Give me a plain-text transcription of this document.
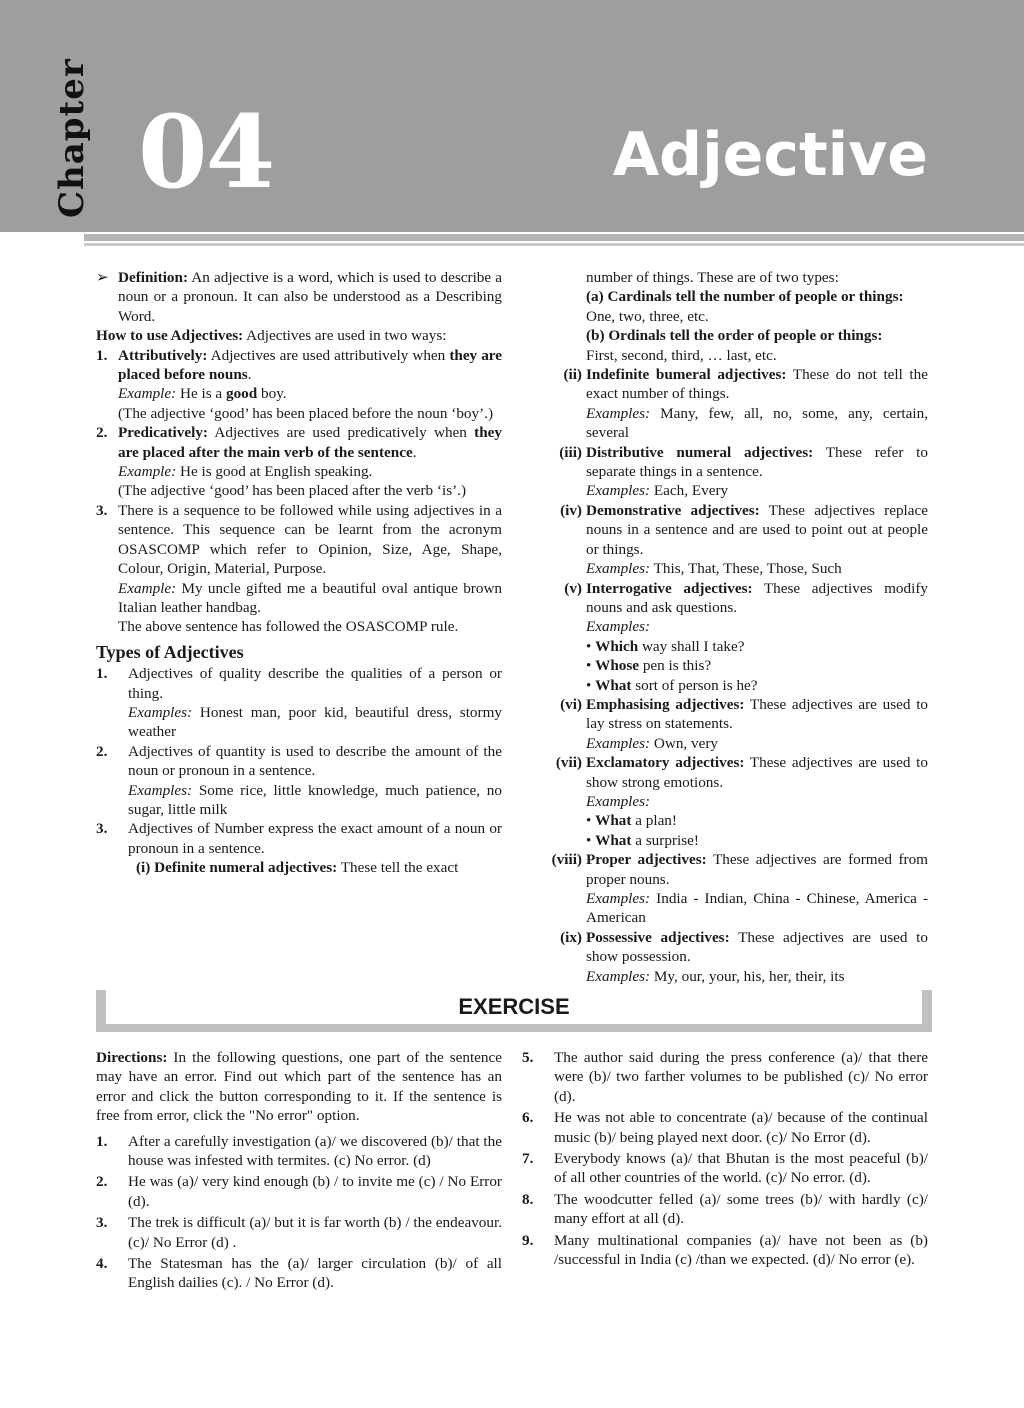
Chapter 04	Adjective

➢ Definition: An adjective is a word, which is used to describe a noun or a pronoun. It can also be understood as a Describing Word.

How to use Adjectives: Adjectives are used in two ways:

1. Attributively: Adjectives are used attributively when they are placed before nouns.

Example: He is a good boy.

(The adjective ‘good’ has been placed before the noun ‘boy’.)

2. Predicatively: Adjectives are used predicatively when they are placed after the main verb of the sentence.

Example: He is good at English speaking.

(The adjective ‘good’ has been placed after the verb ‘is’.)

3. There is a sequence to be followed while using adjectives in a sentence. This sequence can be learnt from the acronym OSASCOMP which refer to Opinion, Size, Age, Shape, Colour, Origin, Material, Purpose.

Example: My uncle gifted me a beautiful oval antique brown Italian leather handbag.

The above sentence has followed the OSASCOMP rule.

Types of Adjectives
1. Adjectives of quality describe the qualities of a person or thing.

Examples: Honest man, poor kid, beautiful dress, stormy weather

2. Adjectives of quantity is used to describe the amount of the noun or pronoun in a sentence.

Examples: Some rice, little knowledge, much patience, no sugar, little milk

3. Adjectives of Number express the exact amount of a noun or pronoun in a sentence.

(i) Definite numeral adjectives: These tell the exact

number of things. These are of two types:

(a) Cardinals tell the number of people or things:

One, two, three, etc.

(b) Ordinals tell the order of people or things:

First, second, third, … last, etc.

(ii) Indefinite bumeral adjectives: These do not tell the exact number of things.

Examples: Many, few, all, no, some, any, certain, several

(iii) Distributive numeral adjectives: These refer to separate things in a sentence.

Examples: Each, Every

(iv) Demonstrative adjectives: These adjectives replace nouns in a sentence and are used to point out at people or things.

Examples: This, That, These, Those, Such

(v) Interrogative adjectives: These adjectives modify nouns and ask questions.

Examples:

• Which way shall I take?

• Whose pen is this?

• What sort of person is he?

(vi) Emphasising adjectives: These adjectives are used to lay stress on statements.

Examples: Own, very

(vii) Exclamatory adjectives: These adjectives are used to show strong emotions.

Examples:

• What a plan!

• What a surprise!

(viii) Proper adjectives: These adjectives are formed from proper nouns.

Examples: India - Indian, China - Chinese, America - American

(ix) Possessive adjectives: These adjectives are used to show possession.

Examples: My, our, your, his, her, their, its

EXERCISE

Directions: In the following questions, one part of the sentence may have an error. Find out which part of the sentence has an error and click the button corresponding to it. If the sentence is free from error, click the "No error" option.

1. After a carefully investigation (a)/ we discovered (b)/ that the house was infested with termites. (c) No error. (d)
2. He was (a)/ very kind enough (b) / to invite me (c) / No Error (d).
3. The trek is difficult (a)/ but it is far worth (b) / the endeavour. (c)/ No Error (d) .
4. The Statesman has the (a)/ larger circulation (b)/ of all English dailies (c). / No Error (d).
5. The author said during the press conference (a)/ that there were (b)/ two farther volumes to be published (c)/ No error (d).
6. He was not able to concentrate (a)/ because of the continual music (b)/ being played next door. (c)/ No Error (d).
7. Everybody knows (a)/ that Bhutan is the most peaceful (b)/ of all other countries of the world. (c)/ No error. (d).
8. The woodcutter felled (a)/ some trees (b)/ with hardly (c)/ many effort at all (d).
9. Many multinational companies (a)/ have not been as (b) /successful in India (c) /than we expected. (d)/ No error (e).
